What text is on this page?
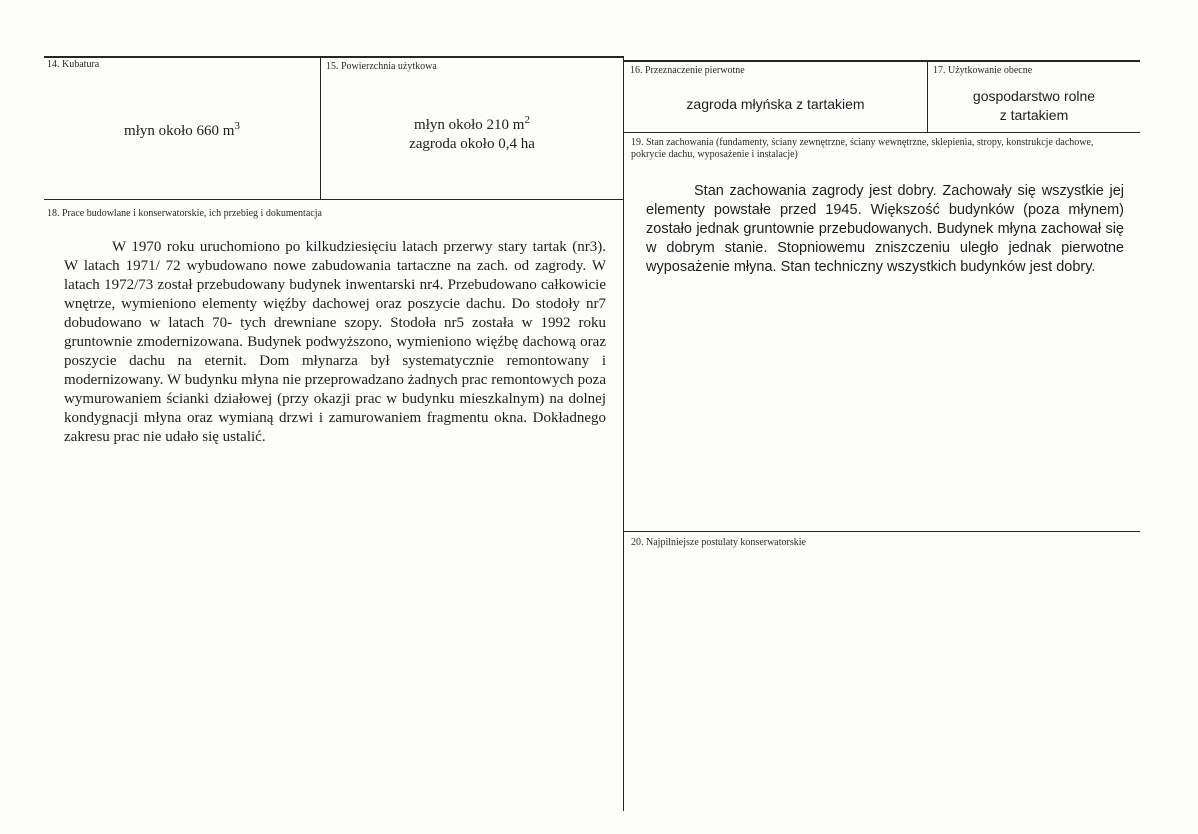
14. Kubatura
młyn około 660 $m^3$
15. Powierzchnia użytkowa
młyn około 210 $m^2$
zagroda około 0,4 ha
16. Przeznaczenie pierwotne
zagroda młyńska z tartakiem
17. Użytkowanie obecne
gospodarstwo rolne
z tartakiem
18. Prace budowlane i konserwatorskie, ich przebieg i dokumentacja

W 1970 roku uruchomiono po kilkudziesięciu latach przerwy stary tartak (nr3). W latach 1971/ 72 wybudowano nowe zabudowania tartaczne na zach. od zagrody. W latach 1972/73 został przebudowany budynek inwentarski nr4. Przebudowano całkowicie wnętrze, wymieniono elementy więźby dachowej oraz poszycie dachu. Do stodoły nr7 dobudowano w latach 70- tych drewniane szopy. Stodoła nr5 została w 1992 roku gruntownie zmodernizowana. Budynek podwyższono, wymieniono więźbę dachową oraz poszycie dachu na eternit. Dom młynarza był systematycznie remontowany i modernizowany. W budynku młyna nie przeprowadzano żadnych prac remontowych poza wymurowaniem ścianki działowej (przy okazji prac w budynku mieszkalnym) na dolnej kondygnacji młyna oraz wymianą drzwi i zamurowaniem fragmentu okna. Dokładnego zakresu prac nie udało się ustalić.

19. Stan zachowania (fundamenty, ściany zewnętrzne, ściany wewnętrzne, sklepienia, stropy, konstrukcje dachowe, pokrycie dachu, wyposażenie i instalacje)

Stan zachowania zagrody jest dobry. Zachowały się wszystkie jej elementy powstałe przed 1945. Większość budynków (poza młynem) zostało jednak gruntownie przebudowanych. Budynek młyna zachował się w dobrym stanie. Stopniowemu zniszczeniu uległo jednak pierwotne wyposażenie młyna. Stan techniczny wszystkich budynków jest dobry.

20. Najpilniejsze postulaty konserwatorskie
